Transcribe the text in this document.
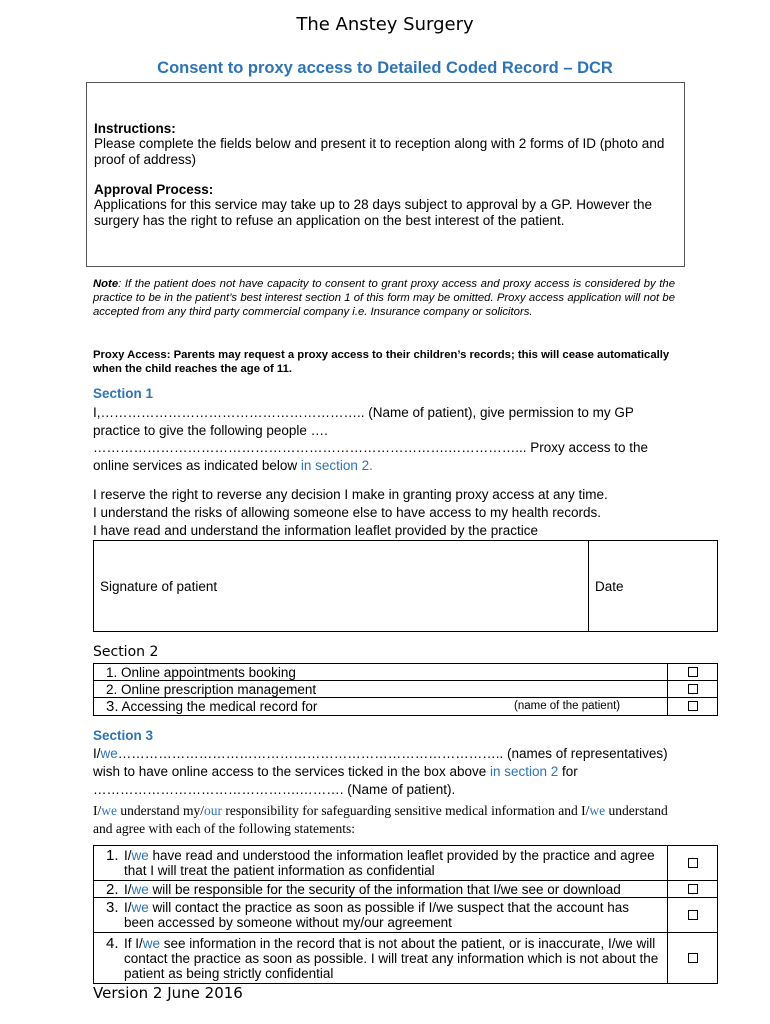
The Anstey Surgery
Consent to proxy access to Detailed Coded Record – DCR
Instructions:
Please complete the fields below and present it to reception along with 2 forms of ID (photo and proof of address)
Approval Process:
Applications for this service may take up to 28 days subject to approval by a GP. However the surgery has the right to refuse an application on the best interest of the patient.
Note: If the patient does not have capacity to consent to grant proxy access and proxy access is considered by the practice to be in the patient’s best interest section 1 of this form may be omitted. Proxy access application will not be accepted from any third party commercial company i.e. Insurance company or solicitors.
Proxy Access: Parents may request a proxy access to their children’s records; this will cease automatically when the child reaches the age of 11.
Section 1
I,………………………………………………….. (Name of patient), give permission to my GP practice to give the following people ….
…………………………………………………………………….……………... Proxy access to the online services as indicated below in section 2.
I reserve the right to reverse any decision I make in granting proxy access at any time.
I understand the risks of allowing someone else to have access to my health records.
I have read and understand the information leaflet provided by the practice
Signature of patient	Date
Section 2
1. Online appointments booking	
2. Online prescription management	
3. Accessing the medical record for (name of the patient)	

Section 3
I/we………………………………………………………………………….. (names of representatives) wish to have online access to the services ticked in the box above in section 2 for ……………………………………….………. (Name of patient).
I/we understand my/our responsibility for safeguarding sensitive medical information and I/we understand and agree with each of the following statements:
1. I/we have read and understood the information leaflet provided by the practice and agree that I will treat the patient information as confidential	

2. I/we will be responsible for the security of the information that I/we see or download	

3. I/we will contact the practice as soon as possible if I/we suspect that the account has been accessed by someone without my/our agreement	

4. If I/we see information in the record that is not about the patient, or is inaccurate, I/we will contact the practice as soon as possible. I will treat any information which is not about the patient as being strictly confidential	

Version 2 June 2016
